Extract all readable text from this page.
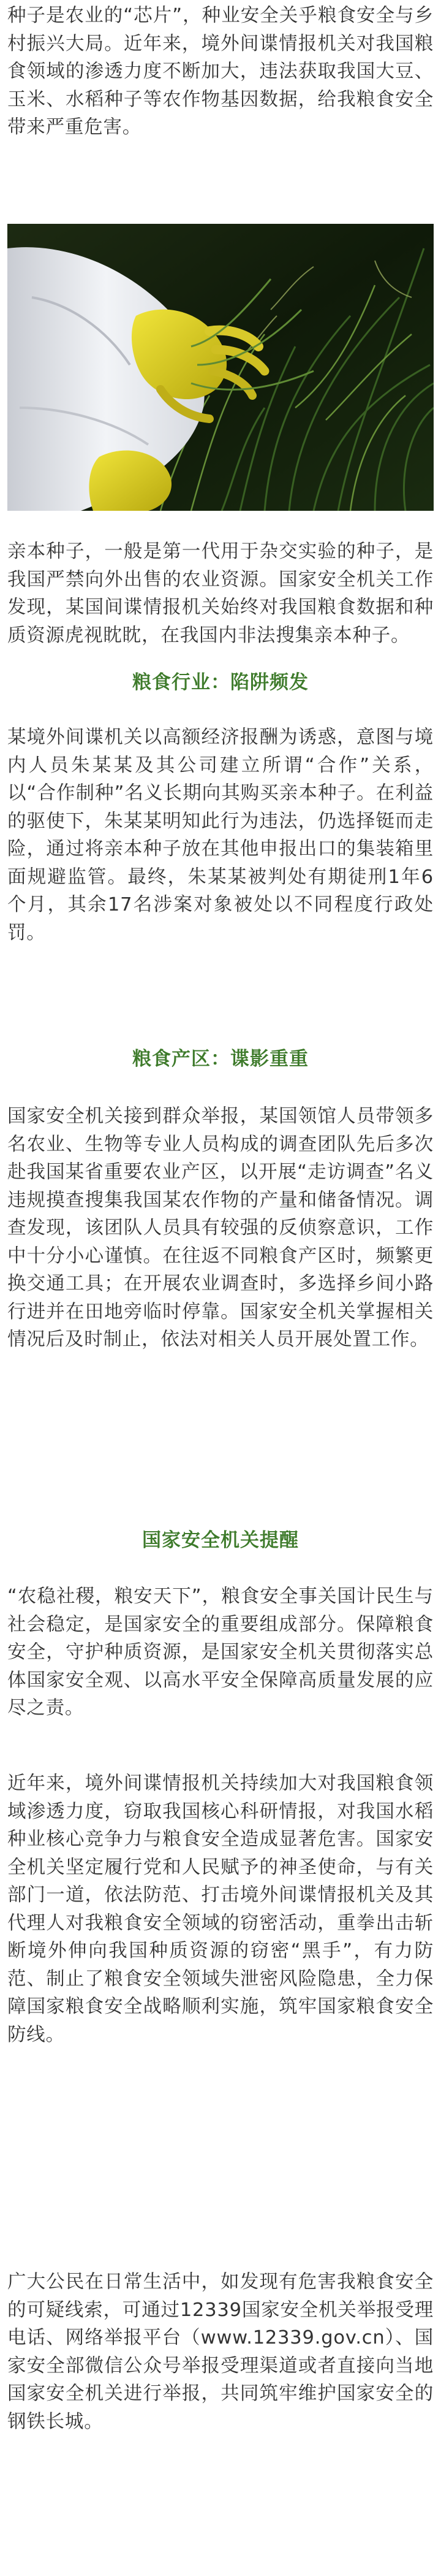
种子是农业的“芯片”，种业安全关乎粮食安全与乡村振兴大局。近年来，境外间谍情报机关对我国粮食领域的渗透力度不断加大，违法获取我国大豆、玉米、水稻种子等农作物基因数据，给我粮食安全带来严重危害。

亲本种子，一般是第一代用于杂交实验的种子，是我国严禁向外出售的农业资源。国家安全机关工作发现，某国间谍情报机关始终对我国粮食数据和种质资源虎视眈眈，在我国内非法搜集亲本种子。

粮食行业：陷阱频发

某境外间谍机关以高额经济报酬为诱惑，意图与境内人员朱某某及其公司建立所谓“合作”关系，以“合作制种”名义长期向其购买亲本种子。在利益的驱使下，朱某某明知此行为违法，仍选择铤而走险，通过将亲本种子放在其他申报出口的集装箱里面规避监管。最终，朱某某被判处有期徒刑1年6个月，其余17名涉案对象被处以不同程度行政处罚。

粮食产区：谍影重重

国家安全机关接到群众举报，某国领馆人员带领多名农业、生物等专业人员构成的调查团队先后多次赴我国某省重要农业产区，以开展“走访调查”名义违规摸查搜集我国某农作物的产量和储备情况。调查发现，该团队人员具有较强的反侦察意识，工作中十分小心谨慎。在往返不同粮食产区时，频繁更换交通工具；在开展农业调查时，多选择乡间小路行进并在田地旁临时停靠。国家安全机关掌握相关情况后及时制止，依法对相关人员开展处置工作。

国家安全机关提醒

“农稳社稷，粮安天下”，粮食安全事关国计民生与社会稳定，是国家安全的重要组成部分。保障粮食安全，守护种质资源，是国家安全机关贯彻落实总体国家安全观、以高水平安全保障高质量发展的应尽之责。

近年来，境外间谍情报机关持续加大对我国粮食领域渗透力度，窃取我国核心科研情报，对我国水稻种业核心竞争力与粮食安全造成显著危害。国家安全机关坚定履行党和人民赋予的神圣使命，与有关部门一道，依法防范、打击境外间谍情报机关及其代理人对我粮食安全领域的窃密活动，重拳出击斩断境外伸向我国种质资源的窃密“黑手”，有力防范、制止了粮食安全领域失泄密风险隐患，全力保障国家粮食安全战略顺利实施，筑牢国家粮食安全防线。

广大公民在日常生活中，如发现有危害我粮食安全的可疑线索，可通过12339国家安全机关举报受理电话、网络举报平台（www.12339.gov.cn）、国家安全部微信公众号举报受理渠道或者直接向当地国家安全机关进行举报，共同筑牢维护国家安全的钢铁长城。
